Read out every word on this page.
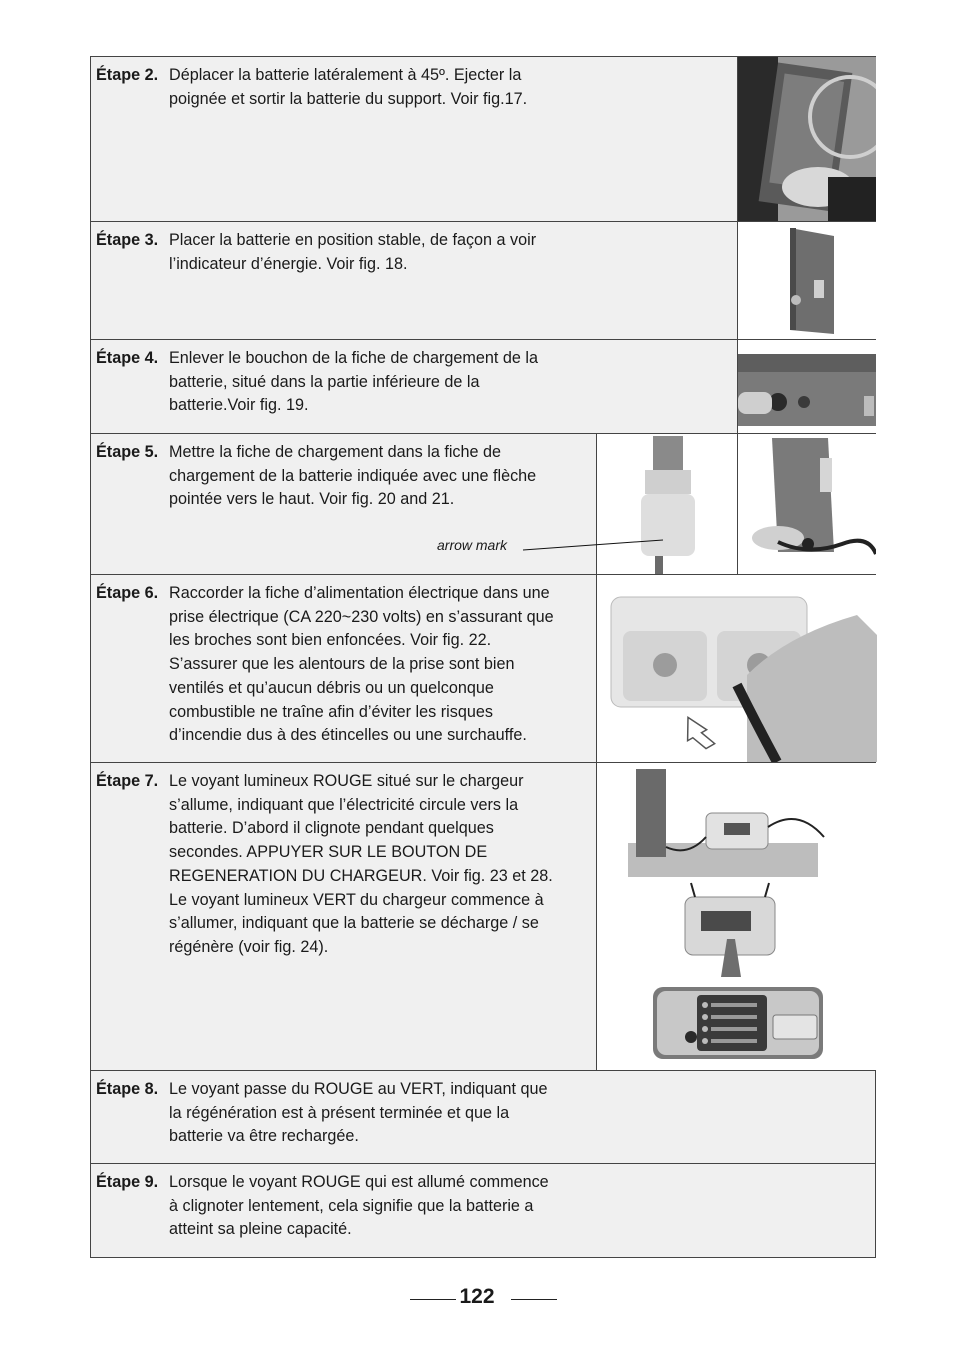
Étape 2. Déplacer la batterie latéralement à 45º. Ejecter la
poignée et sortir la batterie du support. Voir fig.17.
Étape 3. Placer la batterie en position stable, de façon a voir
l’indicateur d’énergie. Voir fig. 18.
Étape 4. Enlever le bouchon de la fiche de chargement de la
batterie, situé dans la partie inférieure de la
batterie.Voir fig. 19.
Étape 5. Mettre la fiche de chargement dans la fiche de
chargement de la batterie indiquée avec une flèche
pointée vers le haut. Voir fig. 20 and 21.
arrow mark
Étape 6. Raccorder la fiche d’alimentation électrique dans une
prise électrique (CA 220~230 volts) en s’assurant que
les broches sont bien enfoncées. Voir fig. 22.
S’assurer que les alentours de la prise sont bien
ventilés et qu’aucun débris ou un quelconque
combustible ne traîne afin d’éviter les risques
d’incendie dus à des étincelles ou une surchauffe.
Étape 7. Le voyant lumineux ROUGE situé sur le chargeur
s’allume, indiquant que l’électricité circule vers la
batterie. D’abord il clignote pendant quelques
secondes. APPUYER SUR LE BOUTON DE
REGENERATION DU CHARGEUR. Voir fig. 23 et 28.
Le voyant lumineux VERT du chargeur commence à
s’allumer, indiquant que la batterie se décharge / se
régénère (voir fig. 24).
Étape 8. Le voyant passe du ROUGE au VERT, indiquant que
la régénération est à présent terminée et que la
batterie va être rechargée.
Étape 9. Lorsque le voyant ROUGE qui est allumé commence
à clignoter lentement, cela signifie que la batterie a
atteint sa pleine capacité.
122
